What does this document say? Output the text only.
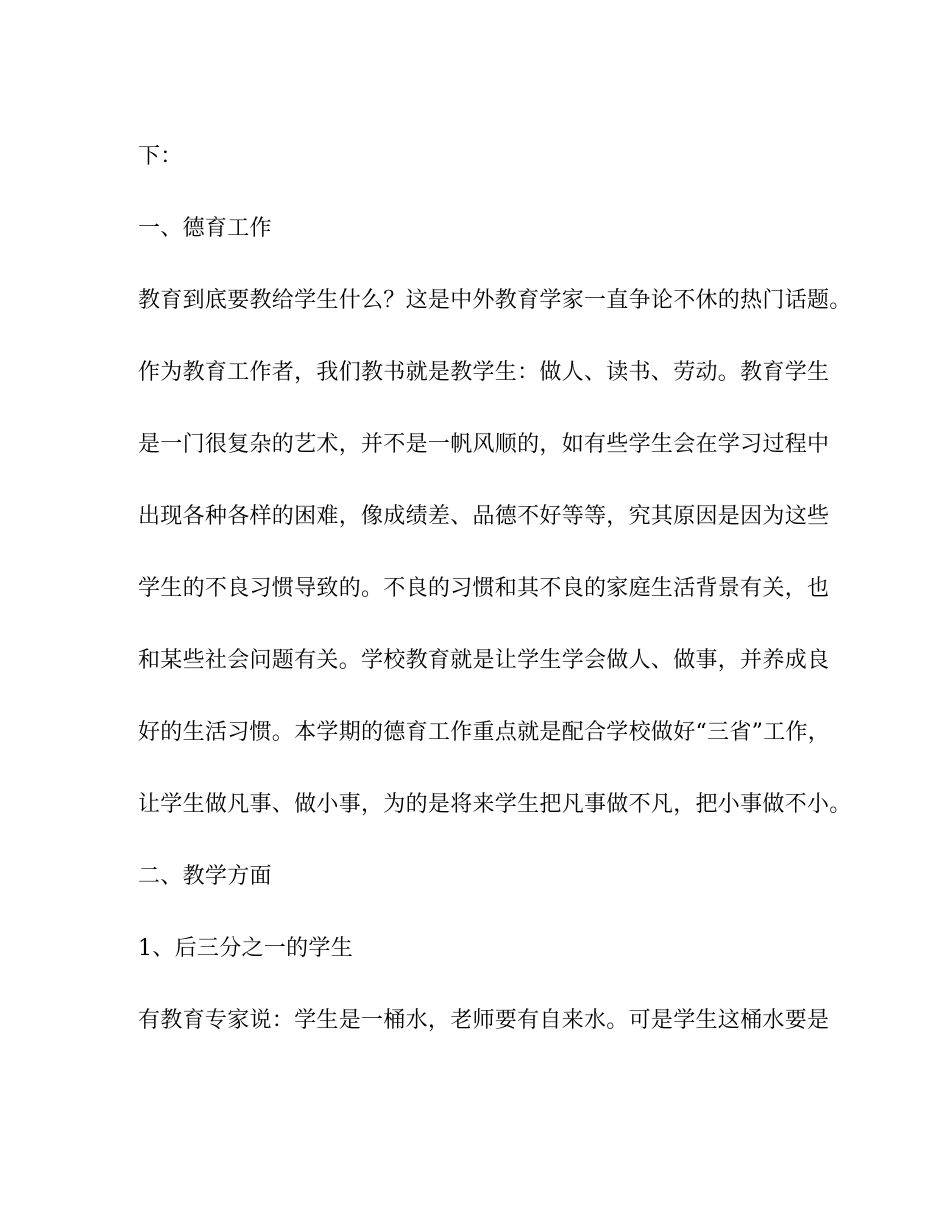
下：
一、德育工作
教育到底要教给学生什么？这是中外教育学家一直争论不休的热门话题。
作为教育工作者，我们教书就是教学生：做人、读书、劳动。教育学生
是一门很复杂的艺术，并不是一帆风顺的，如有些学生会在学习过程中
出现各种各样的困难，像成绩差、品德不好等等，究其原因是因为这些
学生的不良习惯导致的。不良的习惯和其不良的家庭生活背景有关，也
和某些社会问题有关。学校教育就是让学生学会做人、做事，并养成良
好的生活习惯。本学期的德育工作重点就是配合学校做好“三省”工作，
让学生做凡事、做小事，为的是将来学生把凡事做不凡，把小事做不小。
二、教学方面
1、后三分之一的学生
有教育专家说：学生是一桶水，老师要有自来水。可是学生这桶水要是
